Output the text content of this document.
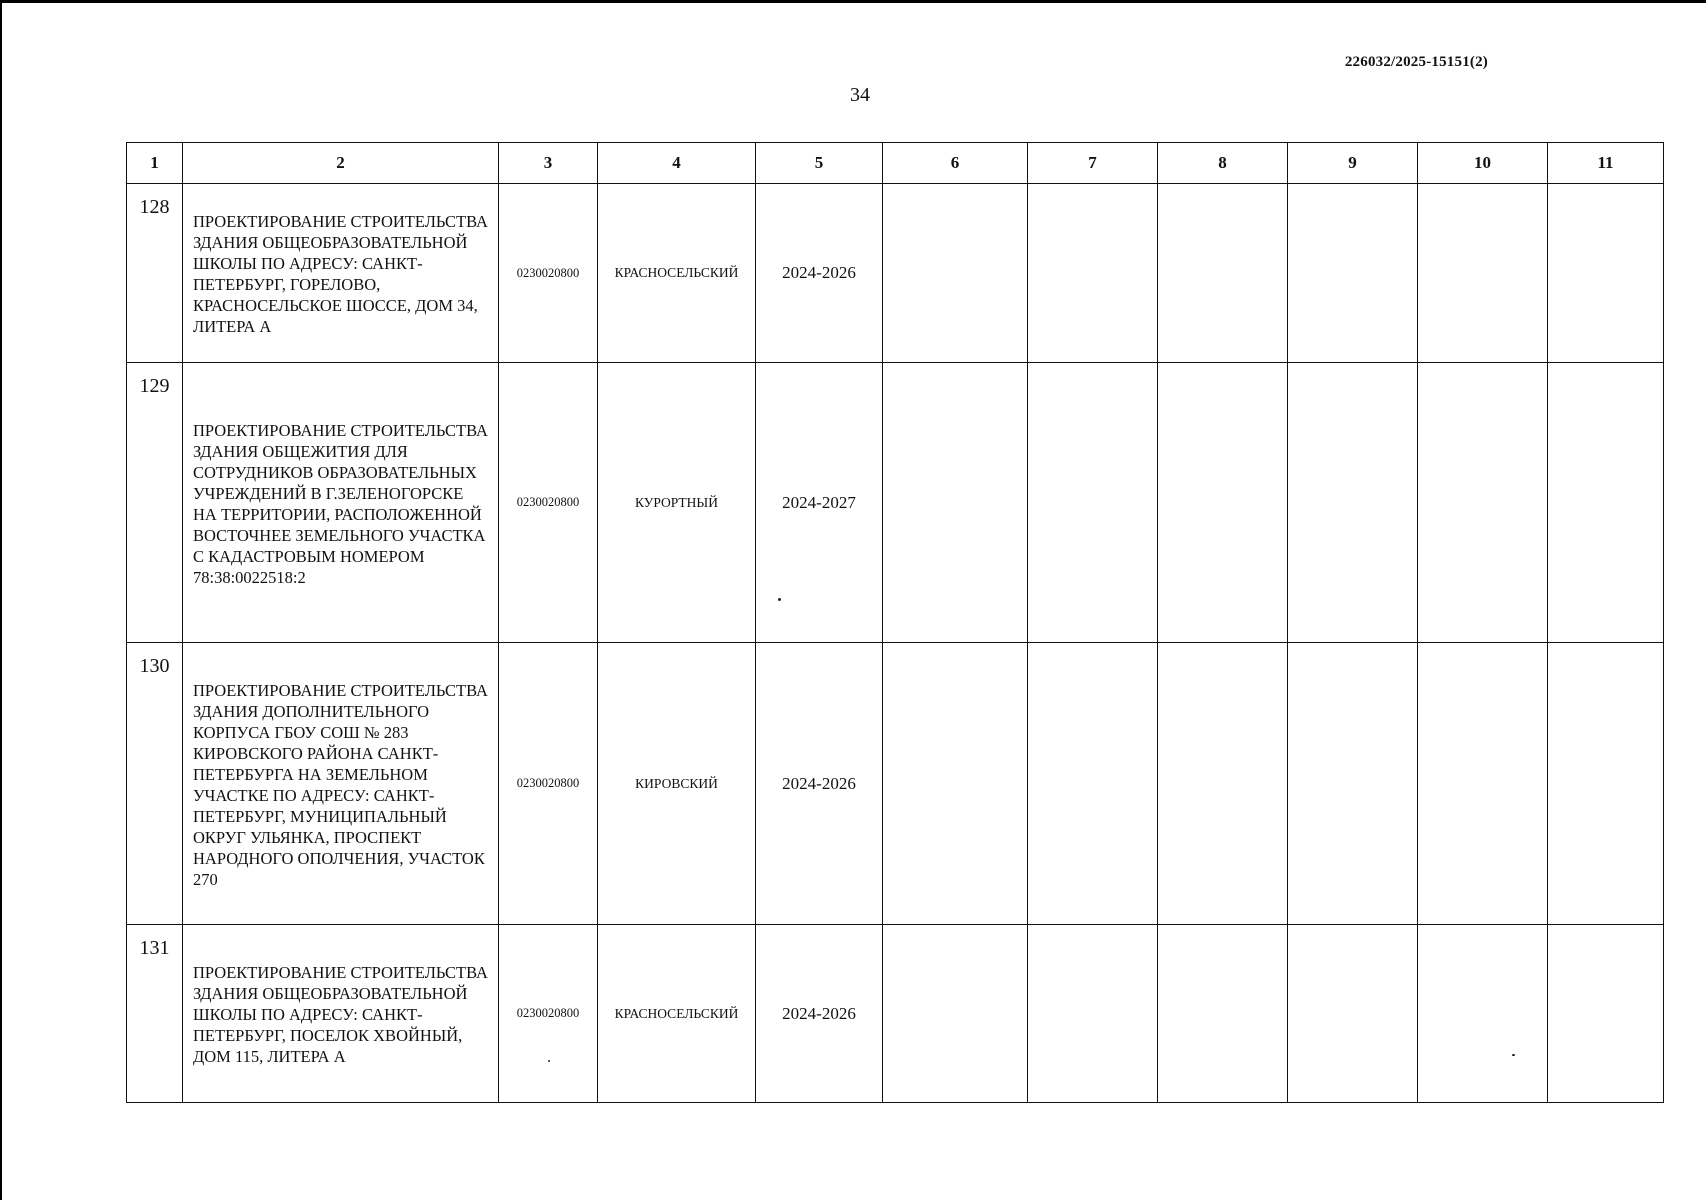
226032/2025-15151(2)
34
1	2	3	4	5	6	7	8	9	10	11
128	ПРОЕКТИРОВАНИЕ СТРОИТЕЛЬСТВА ЗДАНИЯ ОБЩЕОБРАЗОВАТЕЛЬНОЙ ШКОЛЫ ПО АДРЕСУ: САНКТ-ПЕТЕРБУРГ, ГОРЕЛОВО, КРАСНОСЕЛЬСКОЕ ШОССЕ, ДОМ 34, ЛИТЕРА А	0230020800	КРАСНОСЕЛЬСКИЙ	2024-2026						
129	ПРОЕКТИРОВАНИЕ СТРОИТЕЛЬСТВА ЗДАНИЯ ОБЩЕЖИТИЯ ДЛЯ СОТРУДНИКОВ ОБРАЗОВАТЕЛЬНЫХ УЧРЕЖДЕНИЙ В Г.ЗЕЛЕНОГОРСКЕ НА ТЕРРИТОРИИ, РАСПОЛОЖЕННОЙ ВОСТОЧНЕЕ ЗЕМЕЛЬНОГО УЧАСТКА С КАДАСТРОВЫМ НОМЕРОМ 78:38:0022518:2	0230020800	КУРОРТНЫЙ	2024-2027						
130	ПРОЕКТИРОВАНИЕ СТРОИТЕЛЬСТВА ЗДАНИЯ ДОПОЛНИТЕЛЬНОГО КОРПУСА ГБОУ СОШ № 283 КИРОВСКОГО РАЙОНА САНКТ-ПЕТЕРБУРГА НА ЗЕМЕЛЬНОМ УЧАСТКЕ ПО АДРЕСУ: САНКТ-ПЕТЕРБУРГ, МУНИЦИПАЛЬНЫЙ ОКРУГ УЛЬЯНКА, ПРОСПЕКТ НАРОДНОГО ОПОЛЧЕНИЯ, УЧАСТОК 270	0230020800	КИРОВСКИЙ	2024-2026						
131	ПРОЕКТИРОВАНИЕ СТРОИТЕЛЬСТВА ЗДАНИЯ ОБЩЕОБРАЗОВАТЕЛЬНОЙ ШКОЛЫ ПО АДРЕСУ: САНКТ-ПЕТЕРБУРГ, ПОСЕЛОК ХВОЙНЫЙ, ДОМ 115, ЛИТЕРА А	0230020800	КРАСНОСЕЛЬСКИЙ	2024-2026						
